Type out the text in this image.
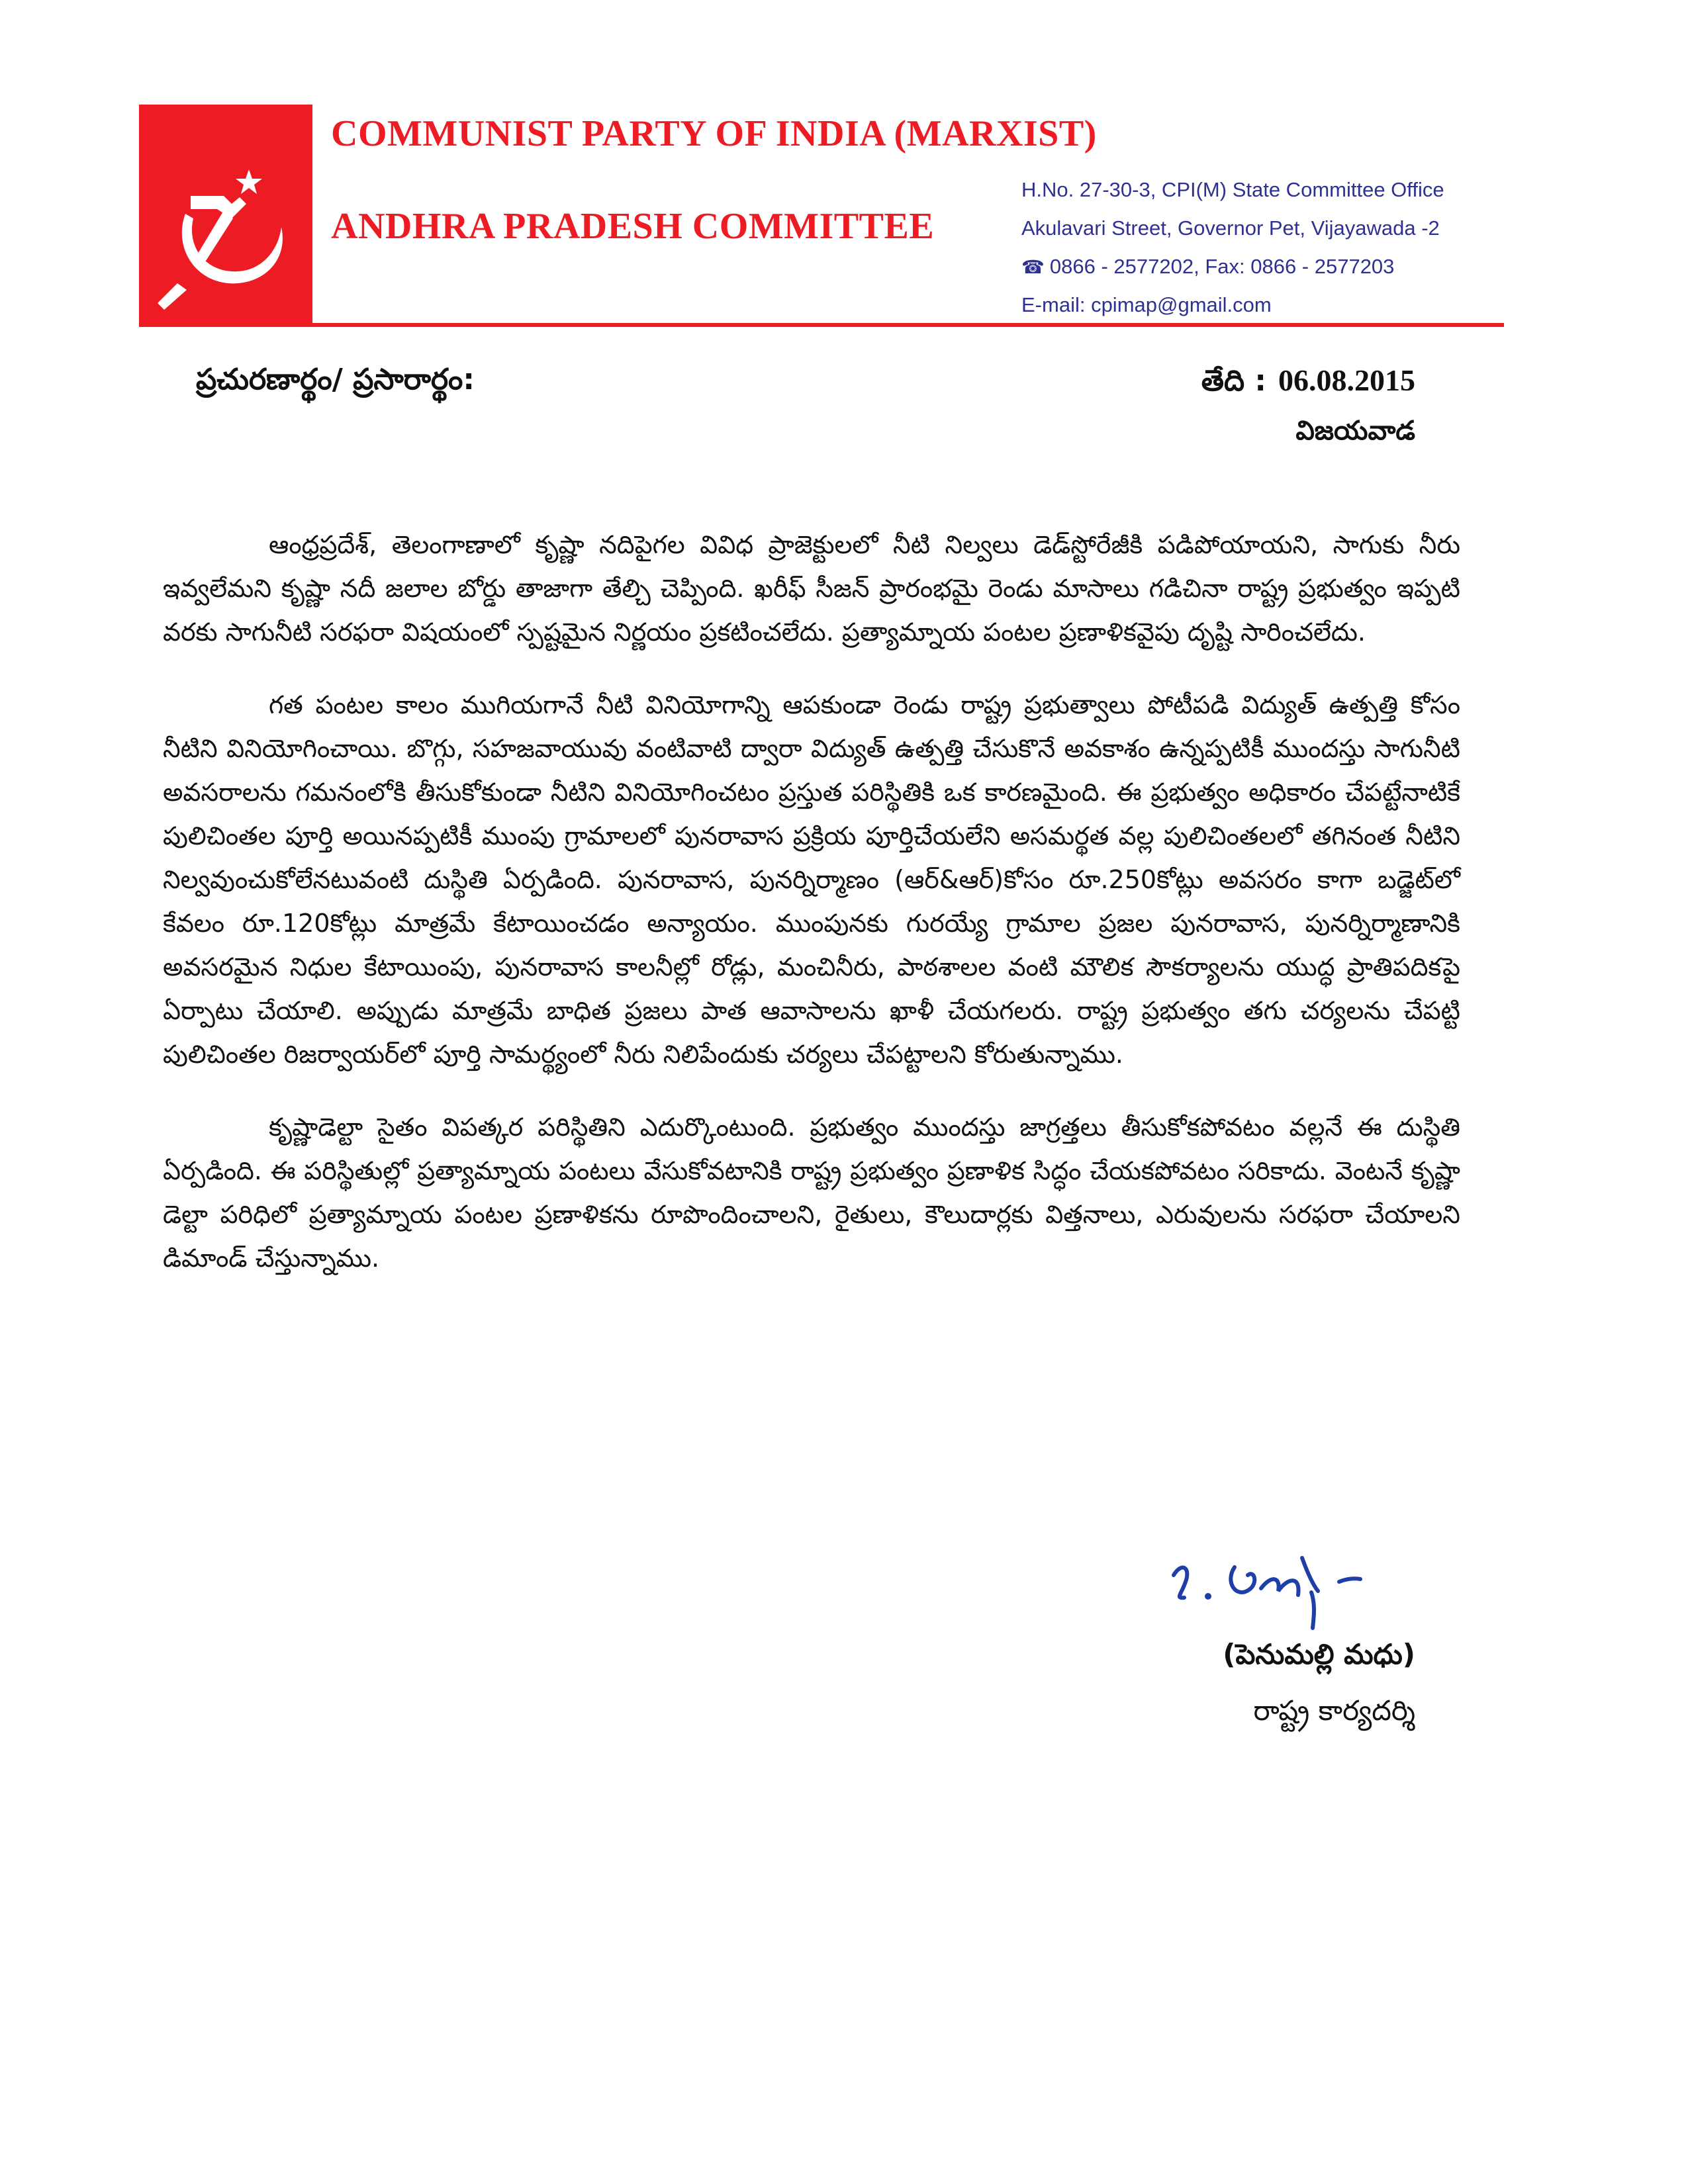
COMMUNIST PARTY OF INDIA (MARXIST)
ANDHRA PRADESH COMMITTEE
H.No. 27-30-3, CPI(M) State Committee Office
Akulavari Street, Governor Pet, Vijayawada -2
☎ 0866 - 2577202, Fax: 0866 - 2577203
E-mail: cpimap@gmail.com
ప్రచురణార్థం/ ప్రసారార్థం:	తేది : 06.08.2015
విజయవాడ

ఆంధ్రప్రదేశ్, తెలంగాణాలో కృష్ణా నదిపైగల వివిధ ప్రాజెక్టులలో నీటి నిల్వలు డెడ్‌స్టోరేజీకి పడిపోయాయని, సాగుకు నీరు ఇవ్వలేమని కృష్ణా నదీ జలాల బోర్డు తాజాగా తేల్చి చెప్పింది. ఖరీఫ్ సీజన్ ప్రారంభమై రెండు మాసాలు గడిచినా రాష్ట్ర ప్రభుత్వం ఇప్పటి వరకు సాగునీటి సరఫరా విషయంలో స్పష్టమైన నిర్ణయం ప్రకటించలేదు. ప్రత్యామ్నాయ పంటల ప్రణాళికవైపు దృష్టి సారించలేదు.

గత పంటల కాలం ముగియగానే నీటి వినియోగాన్ని ఆపకుండా రెండు రాష్ట్ర ప్రభుత్వాలు పోటీపడి విద్యుత్ ఉత్పత్తి కోసం నీటిని వినియోగించాయి. బొగ్గు, సహజవాయువు వంటివాటి ద్వారా విద్యుత్ ఉత్పత్తి చేసుకొనే అవకాశం ఉన్నప్పటికీ ముందస్తు సాగునీటి అవసరాలను గమనంలోకి తీసుకోకుండా నీటిని వినియోగించటం ప్రస్తుత పరిస్థితికి ఒక కారణమైంది. ఈ ప్రభుత్వం అధికారం చేపట్టేనాటికే పులిచింతల పూర్తి అయినప్పటికీ ముంపు గ్రామాలలో పునరావాస ప్రక్రియ పూర్తిచేయలేని అసమర్థత వల్ల పులిచింతలలో తగినంత నీటిని నిల్వవుంచుకోలేనటువంటి దుస్థితి ఏర్పడింది. పునరావాస, పునర్నిర్మాణం (ఆర్&ఆర్)కోసం రూ.250కోట్లు అవసరం కాగా బడ్జెట్‌లో కేవలం రూ.120కోట్లు మాత్రమే కేటాయించడం అన్యాయం. ముంపునకు గురయ్యే గ్రామాల ప్రజల పునరావాస, పునర్నిర్మాణానికి అవసరమైన నిధుల కేటాయింపు, పునరావాస కాలనీల్లో రోడ్లు, మంచినీరు, పాఠశాలల వంటి మౌలిక సౌకర్యాలను యుద్ధ ప్రాతిపదికపై ఏర్పాటు చేయాలి. అప్పుడు మాత్రమే బాధిత ప్రజలు పాత ఆవాసాలను ఖాళీ చేయగలరు. రాష్ట్ర ప్రభుత్వం తగు చర్యలను చేపట్టి పులిచింతల రిజర్వాయర్‌లో పూర్తి సామర్థ్యంలో నీరు నిలిపేందుకు చర్యలు చేపట్టాలని కోరుతున్నాము.

కృష్ణాడెల్టా సైతం విపత్కర పరిస్థితిని ఎదుర్కొంటుంది. ప్రభుత్వం ముందస్తు జాగ్రత్తలు తీసుకోకపోవటం వల్లనే ఈ దుస్థితి ఏర్పడింది. ఈ పరిస్థితుల్లో ప్రత్యామ్నాయ పంటలు వేసుకోవటానికి రాష్ట్ర ప్రభుత్వం ప్రణాళిక సిద్ధం చేయకపోవటం సరికాదు. వెంటనే కృష్ణా డెల్టా పరిధిలో ప్రత్యామ్నాయ పంటల ప్రణాళికను రూపొందించాలని, రైతులు, కౌలుదార్లకు విత్తనాలు, ఎరువులను సరఫరా చేయాలని డిమాండ్ చేస్తున్నాము.

(పెనుమల్లి మధు)
రాష్ట్ర కార్యదర్శి
